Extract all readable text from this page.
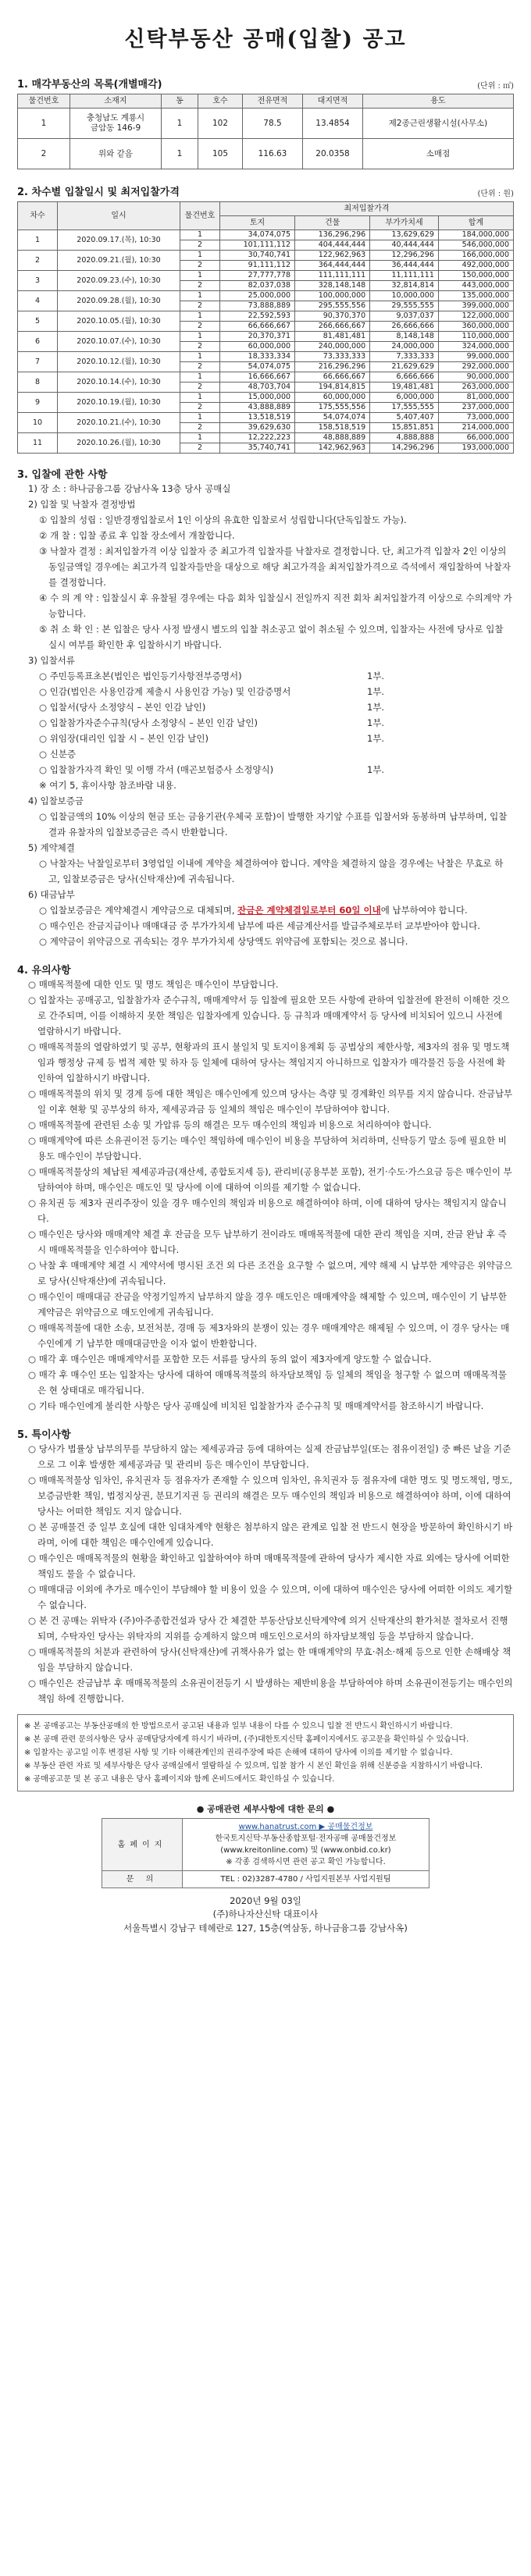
신탁부동산 공매(입찰) 공고
1. 매각부동산의 목록(개별매각)	(단위 : ㎡)
물건번호	소재지	동	호수	전유면적	대지면적	용도
1	충청남도 계룡시
금암동 146-9	1	102	78.5	13.4854	제2종근린생활시설(사무소)
2	위와 같음	1	105	116.63	20.0358	소매점
2. 차수별 입찰일시 및 최저입찰가격	(단위 : 원)
차수	일시	물건번호	최저입찰가격			
			토지	건물	부가가치세	합계
1	2020.09.17.(목), 10:30	1	34,074,075	136,296,296	13,629,629	184,000,000
		2	101,111,112	404,444,444	40,444,444	546,000,000
2	2020.09.21.(월), 10:30	1	30,740,741	122,962,963	12,296,296	166,000,000
		2	91,111,112	364,444,444	36,444,444	492,000,000
3	2020.09.23.(수), 10:30	1	27,777,778	111,111,111	11,111,111	150,000,000
		2	82,037,038	328,148,148	32,814,814	443,000,000
4	2020.09.28.(월), 10:30	1	25,000,000	100,000,000	10,000,000	135,000,000
		2	73,888,889	295,555,556	29,555,555	399,000,000
5	2020.10.05.(월), 10:30	1	22,592,593	90,370,370	9,037,037	122,000,000
		2	66,666,667	266,666,667	26,666,666	360,000,000
6	2020.10.07.(수), 10:30	1	20,370,371	81,481,481	8,148,148	110,000,000
		2	60,000,000	240,000,000	24,000,000	324,000,000
7	2020.10.12.(월), 10:30	1	18,333,334	73,333,333	7,333,333	99,000,000
		2	54,074,075	216,296,296	21,629,629	292,000,000
8	2020.10.14.(수), 10:30	1	16,666,667	66,666,667	6,666,666	90,000,000
		2	48,703,704	194,814,815	19,481,481	263,000,000
9	2020.10.19.(월), 10:30	1	15,000,000	60,000,000	6,000,000	81,000,000
		2	43,888,889	175,555,556	17,555,555	237,000,000
10	2020.10.21.(수), 10:30	1	13,518,519	54,074,074	5,407,407	73,000,000
		2	39,629,630	158,518,519	15,851,851	214,000,000
11	2020.10.26.(월), 10:30	1	12,222,223	48,888,889	4,888,888	66,000,000
		2	35,740,741	142,962,963	14,296,296	193,000,000
3. 입찰에 관한 사항

1) 장 소 : 하나금융그룹 강남사옥 13층 당사 공매실

2) 입찰 및 낙찰자 결정방법

① 입찰의 성립 : 일반경쟁입찰로서 1인 이상의 유효한 입찰로서 성립합니다(단독입찰도 가능).

② 개 찰 : 입찰 종료 후 입찰 장소에서 개찰합니다.

③ 낙찰자 결정 : 최저입찰가격 이상 입찰자 중 최고가격 입찰자를 낙찰자로 결정합니다. 단, 최고가격 입찰자 2인 이상의 동일금액일 경우에는 최고가격 입찰자들만을 대상으로 해당 최고가격을 최저입찰가격으로 즉석에서 재입찰하여 낙찰자를 결정합니다.

④ 수 의 계 약 : 입찰실시 후 유찰될 경우에는 다음 회차 입찰실시 전일까지 직전 회차 최저입찰가격 이상으로 수의계약 가능합니다.

⑤ 취 소 확 인 : 본 입찰은 당사 사정 발생시 별도의 입찰 취소공고 없이 취소될 수 있으며, 입찰자는 사전에 당사로 입찰 실시 여부를 확인한 후 입찰하시기 바랍니다.

3) 입찰서류

○ 주민등록표초본(법인은 법인등기사항전부증명서)	1부.
○ 인감(법인은 사용인감계 제출시 사용인감 가능) 및 인감증명서	1부.
○ 입찰서(당사 소정양식 – 본인 인감 날인)	1부.
○ 입찰참가자준수규칙(당사 소정양식 – 본인 인감 날인)	1부.
○ 위임장(대리인 입찰 시 – 본인 인감 날인)	1부.
○ 신분증
○ 입찰참가자격 확인 및 이행 각서 (매곤보험증사 소정양식)	1부.

※ 여기 5, 휴이사항 참조바람 내용.

4) 입찰보증금

○ 입찰금액의 10% 이상의 현금 또는 금융기관(우체국 포함)이 발행한 자기앞 수표를 입찰서와 동봉하며 납부하며, 입찰결과 유찰자의 입찰보증금은 즉시 반환합니다.

5) 계약체결

○ 낙찰자는 낙찰일로부터 3영업일 이내에 계약을 체결하여야 합니다. 계약을 체결하지 않을 경우에는 낙찰은 무효로 하고, 입찰보증금은 당사(신탁재산)에 귀속됩니다.

6) 대금납부

○ 입찰보증금은 계약체결시 계약금으로 대체되며, 잔금은 계약체결일로부터 60일 이내에 납부하여야 합니다.

○ 매수인은 잔금지급이나 매매대금 중 부가가치세 납부에 따른 세금계산서를 발급주체로부터 교부받아야 합니다.

○ 계약금이 위약금으로 귀속되는 경우 부가가치세 상당액도 위약금에 포함되는 것으로 봅니다.

4. 유의사항

○ 매매목적물에 대한 인도 및 명도 책임은 매수인이 부담합니다.

○ 입찰자는 공매공고, 입찰참가자 준수규칙, 매매계약서 등 입찰에 필요한 모든 사항에 관하여 입찰전에 완전히 이해한 것으로 간주되며, 이를 이해하지 못한 책임은 입찰자에게 있습니다. 등 규칙과 매매계약서 등 당사에 비치되어 있으니 사전에 열람하시기 바랍니다.

○ 매매목적물의 열람하였기 및 공부, 현황과의 표시 불일치 및 토지이용계획 등 공법상의 제한사항, 제3자의 점유 및 명도책임과 행정상 규제 등 법적 제한 및 하자 등 일체에 대하여 당사는 책임지지 아니하므로 입찰자가 매각물건 등을 사전에 확인하여 입찰하시기 바랍니다.

○ 매매목적물의 위치 및 경계 등에 대한 책임은 매수인에게 있으며 당사는 측량 및 경계확인 의무를 지지 않습니다. 잔금납부일 이후 현황 및 공부상의 하자, 제세공과금 등 일체의 책임은 매수인이 부담하여야 합니다.

○ 매매목적물에 관련된 소송 및 가압류 등의 해결은 모두 매수인의 책임과 비용으로 처리하여야 합니다.

○ 매매계약에 따른 소유권이전 등기는 매수인 책임하에 매수인이 비용을 부담하여 처리하며, 신탁등기 말소 등에 필요한 비용도 매수인이 부담합니다.

○ 매매목적물상의 체납된 제세공과금(재산세, 종합토지세 등), 관리비(공용부분 포함), 전기·수도·가스요금 등은 매수인이 부담하여야 하며, 매수인은 매도인 및 당사에 이에 대하여 이의를 제기할 수 없습니다.

○ 유치권 등 제3자 권리주장이 있을 경우 매수인의 책임과 비용으로 해결하여야 하며, 이에 대하여 당사는 책임지지 않습니다.

○ 매수인은 당사와 매매계약 체결 후 잔금을 모두 납부하기 전이라도 매매목적물에 대한 관리 책임을 지며, 잔금 완납 후 즉시 매매목적물을 인수하여야 합니다.

○ 낙찰 후 매매계약 체결 시 계약서에 명시된 조건 외 다른 조건을 요구할 수 없으며, 계약 해제 시 납부한 계약금은 위약금으로 당사(신탁재산)에 귀속됩니다.

○ 매수인이 매매대금 잔금을 약정기일까지 납부하지 않을 경우 매도인은 매매계약을 해제할 수 있으며, 매수인이 기 납부한 계약금은 위약금으로 매도인에게 귀속됩니다.

○ 매매목적물에 대한 소송, 보전처분, 경매 등 제3자와의 분쟁이 있는 경우 매매계약은 해제될 수 있으며, 이 경우 당사는 매수인에게 기 납부한 매매대금만을 이자 없이 반환합니다.

○ 매각 후 매수인은 매매계약서를 포함한 모든 서류를 당사의 동의 없이 제3자에게 양도할 수 없습니다.

○ 매각 후 매수인 또는 입찰자는 당사에 대하여 매매목적물의 하자담보책임 등 일체의 책임을 청구할 수 없으며 매매목적물은 현 상태대로 매각됩니다.

○ 기타 매수인에게 불리한 사항은 당사 공매실에 비치된 입찰참가자 준수규칙 및 매매계약서를 참조하시기 바랍니다.

5. 특이사항

○ 당사가 법률상 납부의무를 부담하지 않는 제세공과금 등에 대하여는 실제 잔금납부일(또는 점유이전일) 중 빠른 날을 기준으로 그 이후 발생한 제세공과금 및 관리비 등은 매수인이 부담합니다.

○ 매매목적물상 임차인, 유치권자 등 점유자가 존재할 수 있으며 임차인, 유치권자 등 점유자에 대한 명도 및 명도책임, 명도, 보증금반환 책임, 법정지상권, 분묘기지권 등 권리의 해결은 모두 매수인의 책임과 비용으로 해결하여야 하며, 이에 대하여 당사는 어떠한 책임도 지지 않습니다.

○ 본 공매물건 중 일부 호실에 대한 임대차계약 현황은 첨부하지 않은 관계로 입찰 전 반드시 현장을 방문하여 확인하시기 바라며, 이에 대한 책임은 매수인에게 있습니다.

○ 매수인은 매매목적물의 현황을 확인하고 입찰하여야 하며 매매목적물에 관하여 당사가 제시한 자료 외에는 당사에 어떠한 책임도 물을 수 없습니다.

○ 매매대금 이외에 추가로 매수인이 부담해야 할 비용이 있을 수 있으며, 이에 대하여 매수인은 당사에 어떠한 이의도 제기할 수 없습니다.

○ 본 건 공매는 위탁자 (주)아주종합건설과 당사 간 체결한 부동산담보신탁계약에 의거 신탁재산의 환가처분 절차로서 진행되며, 수탁자인 당사는 위탁자의 지위를 승계하지 않으며 매도인으로서의 하자담보책임 등을 부담하지 않습니다.

○ 매매목적물의 처분과 관련하여 당사(신탁재산)에 귀책사유가 없는 한 매매계약의 무효·취소·해제 등으로 인한 손해배상 책임을 부담하지 않습니다.

○ 매수인은 잔금납부 후 매매목적물의 소유권이전등기 시 발생하는 제반비용을 부담하여야 하며 소유권이전등기는 매수인의 책임 하에 진행합니다.

※ 본 공매공고는 부동산공매의 한 방법으로서 공고된 내용과 일부 내용이 다를 수 있으니 입찰 전 반드시 확인하시기 바랍니다.

※ 본 공매 관련 문의사항은 당사 공매담당자에게 하시기 바라며, (주)대한토지신탁 홈페이지에서도 공고문을 확인하실 수 있습니다.

※ 입찰자는 공고일 이후 변경된 사항 및 기타 이해관계인의 권리주장에 따른 손해에 대하여 당사에 이의를 제기할 수 없습니다.

※ 부동산 관련 자료 및 세부사항은 당사 공매실에서 열람하실 수 있으며, 입찰 참가 시 본인 확인을 위해 신분증을 지참하시기 바랍니다.

※ 공매공고문 및 본 공고 내용은 당사 홈페이지와 함께 온비드에서도 확인하실 수 있습니다.

● 공매관련 세부사항에 대한 문의 ●
홈페이지	www.hanatrust.com ▶ 공매물건정보
한국토지신탁·부동산종합포털·전자공매 공매물건정보
(www.kreitonline.com) 및 (www.onbid.co.kr)
※ 각종 검색하시면 관련 공고 확인 가능합니다.
문 의	TEL : 02)3287-4780 / 사업지원본부 사업지원팀
2020년 9월 03일
(주)하나자산신탁 대표이사
서울특별시 강남구 테헤란로 127, 15층(역삼동, 하나금융그룹 강남사옥)
